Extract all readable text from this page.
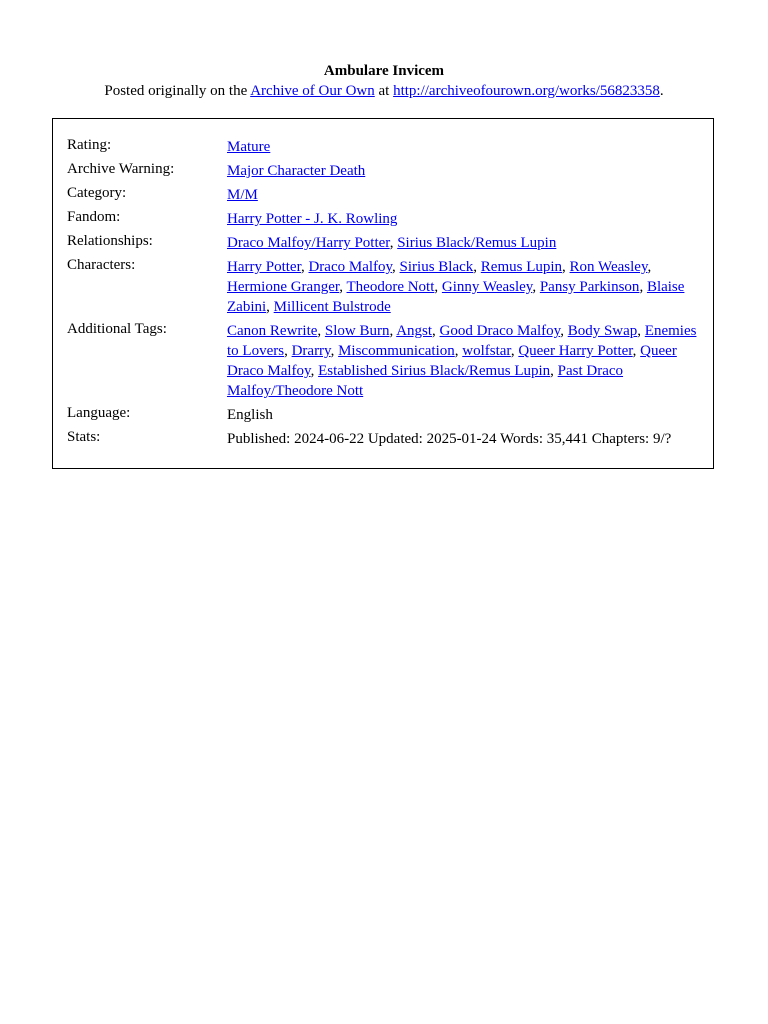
Ambulare Invicem
Posted originally on the Archive of Our Own at http://archiveofourown.org/works/56823358.
Rating:	Mature
Archive Warning:	Major Character Death
Category:	M/M
Fandom:	Harry Potter - J. K. Rowling
Relationships:	Draco Malfoy/Harry Potter, Sirius Black/Remus Lupin
Characters:	Harry Potter, Draco Malfoy, Sirius Black, Remus Lupin, Ron Weasley, Hermione Granger, Theodore Nott, Ginny Weasley, Pansy Parkinson, Blaise Zabini, Millicent Bulstrode
Additional Tags:	Canon Rewrite, Slow Burn, Angst, Good Draco Malfoy, Body Swap, Enemies to Lovers, Drarry, Miscommunication, wolfstar, Queer Harry Potter, Queer Draco Malfoy, Established Sirius Black/Remus Lupin, Past Draco Malfoy/Theodore Nott
Language:	English
Stats:	Published: 2024-06-22 Updated: 2025-01-24 Words: 35,441 Chapters: 9/?
